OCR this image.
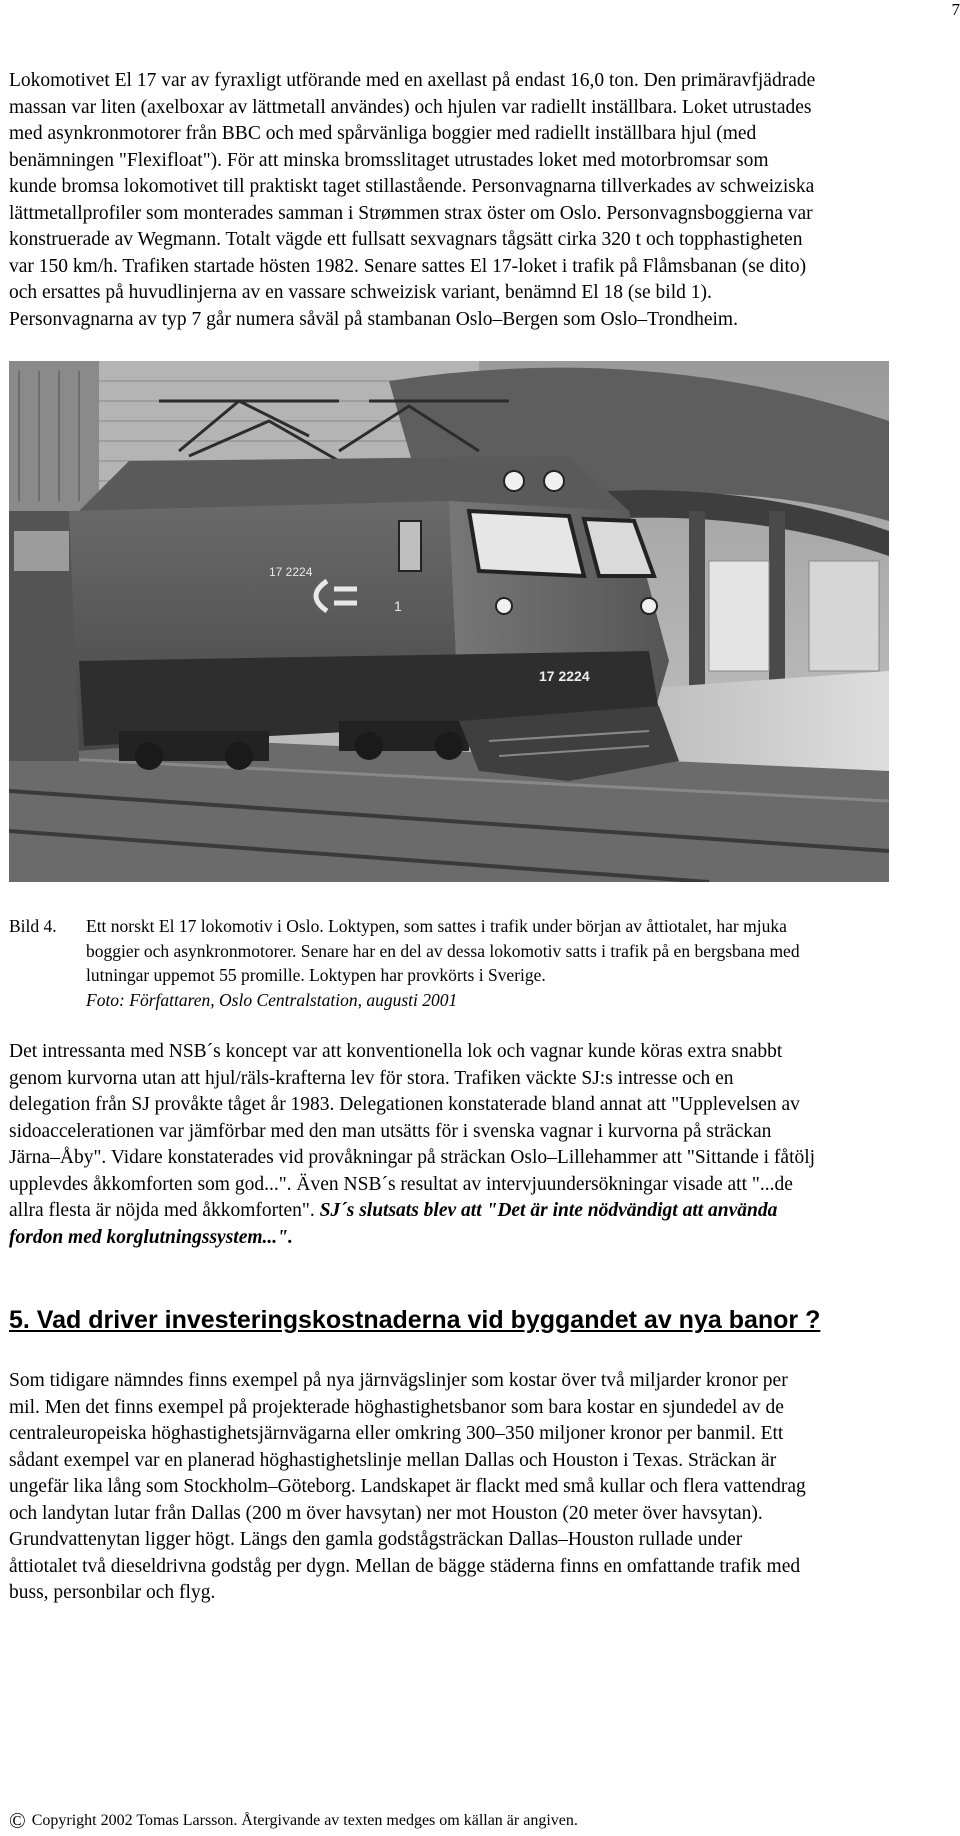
7

Lokomotivet El 17 var av fyraxligt utförande med en axellast på endast 16,0 ton. Den primäravfjädrade
massan var liten (axelboxar av lättmetall användes) och hjulen var radiellt inställbara. Loket utrustades
med asynkronmotorer från BBC och med spårvänliga boggier med radiellt inställbara hjul (med
benämningen "Flexifloat"). För att minska bromsslitaget utrustades loket med motorbromsar som
kunde bromsa lokomotivet till praktiskt taget stillastående. Personvagnarna tillverkades av schweiziska
lättmetallprofiler som monterades samman i Strømmen strax öster om Oslo. Personvagnsboggierna var
konstruerade av Wegmann. Totalt vägde ett fullsatt sexvagnars tågsätt cirka 320 t och topphastigheten
var 150 km/h. Trafiken startade hösten 1982. Senare sattes El 17-loket i trafik på Flåmsbanan (se dito)
och ersattes på huvudlinjerna av en vassare schweizisk variant, benämnd El 18 (se bild 1).
Personvagnarna av typ 7 går numera såväl på stambanan Oslo–Bergen som Oslo–Trondheim.

17 2224
17 2224
1
Bild 4. Ett norskt El 17 lokomotiv i Oslo. Loktypen, som sattes i trafik under början av åttiotalet, har mjuka
boggier och asynkronmotorer. Senare har en del av dessa lokomotiv satts i trafik på en bergsbana med
lutningar uppemot 55 promille. Loktypen har provkörts i Sverige.
Foto: Författaren, Oslo Centralstation, augusti 2001

Det intressanta med NSB´s koncept var att konventionella lok och vagnar kunde köras extra snabbt
genom kurvorna utan att hjul/räls-krafterna lev för stora. Trafiken väckte SJ:s intresse och en
delegation från SJ provåkte tåget år 1983. Delegationen konstaterade bland annat att "Upplevelsen av
sidoaccelerationen var jämförbar med den man utsätts för i svenska vagnar i kurvorna på sträckan
Järna–Åby". Vidare konstaterades vid provåkningar på sträckan Oslo–Lillehammer att "Sittande i fåtölj
upplevdes åkkomforten som god...". Även NSB´s resultat av intervjuundersökningar visade att "...de
allra flesta är nöjda med åkkomforten". SJ´s slutsats blev att "Det är inte nödvändigt att använda
fordon med korglutningssystem...".

5. Vad driver investeringskostnaderna vid byggandet av nya banor ?

Som tidigare nämndes finns exempel på nya järnvägslinjer som kostar över två miljarder kronor per
mil. Men det finns exempel på projekterade höghastighetsbanor som bara kostar en sjundedel av de
centraleuropeiska höghastighetsjärnvägarna eller omkring 300–350 miljoner kronor per banmil. Ett
sådant exempel var en planerad höghastighetslinje mellan Dallas och Houston i Texas. Sträckan är
ungefär lika lång som Stockholm–Göteborg. Landskapet är flackt med små kullar och flera vattendrag
och landytan lutar från Dallas (200 m över havsytan) ner mot Houston (20 meter över havsytan).
Grundvattenytan ligger högt. Längs den gamla godstågsträckan Dallas–Houston rullade under
åttiotalet två dieseldrivna godståg per dygn. Mellan de bägge städerna finns en omfattande trafik med
buss, personbilar och flyg.

© Copyright 2002 Tomas Larsson. Återgivande av texten medges om källan är angiven.
